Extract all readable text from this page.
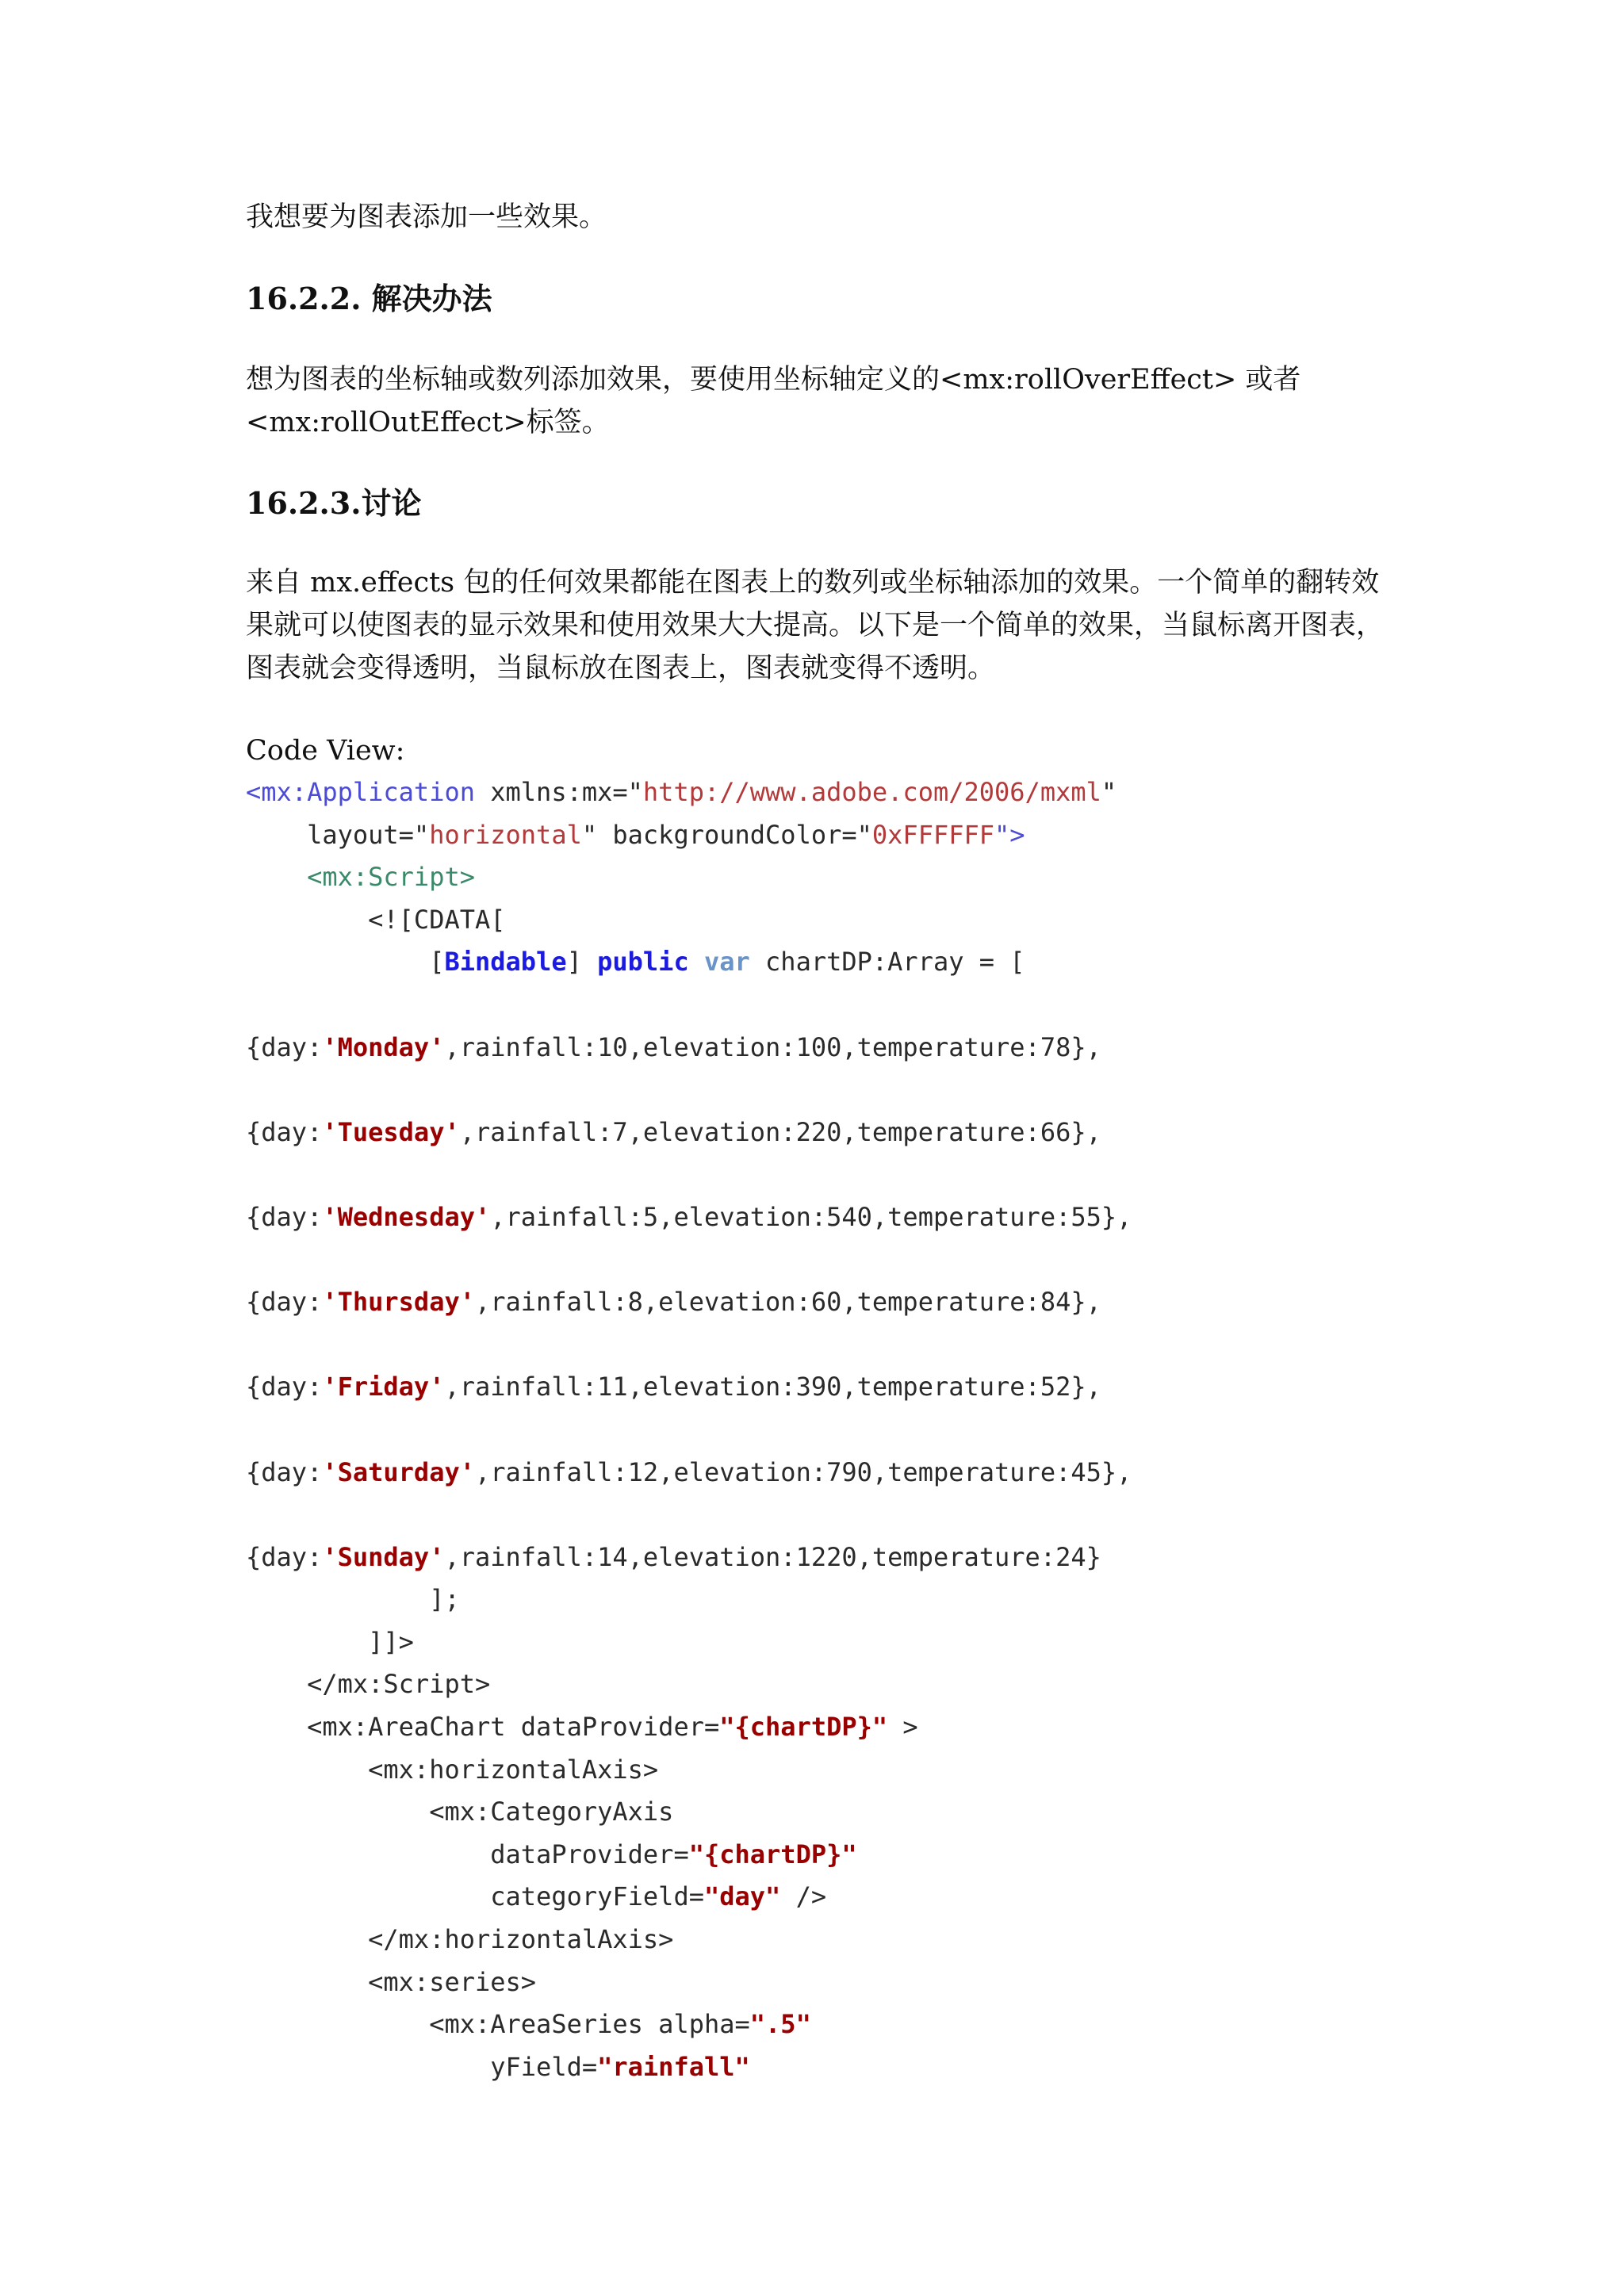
我想要为图表添加一些效果。

16.2.2. 解决办法

想为图表的坐标轴或数列添加效果，要使用坐标轴定义的<mx:rollOverEffect> 或者
<mx:rollOutEffect>标签。

16.2.3.讨论

来自 mx.effects 包的任何效果都能在图表上的数列或坐标轴添加的效果。一个简单的翻转效
果就可以使图表的显示效果和使用效果大大提高。以下是一个简单的效果，当鼠标离开图表，
图表就会变得透明，当鼠标放在图表上，图表就变得不透明。

Code View:

<mx:Application xmlns:mx="http://www.adobe.com/2006/mxml"
layout="horizontal" backgroundColor="0xFFFFFF">
<mx:Script>
<![CDATA[
[Bindable] public var chartDP:Array = [

{day:'Monday',rainfall:10,elevation:100,temperature:78},

{day:'Tuesday',rainfall:7,elevation:220,temperature:66},

{day:'Wednesday',rainfall:5,elevation:540,temperature:55},

{day:'Thursday',rainfall:8,elevation:60,temperature:84},

{day:'Friday',rainfall:11,elevation:390,temperature:52},

{day:'Saturday',rainfall:12,elevation:790,temperature:45},

{day:'Sunday',rainfall:14,elevation:1220,temperature:24}
];
]]>
</mx:Script>
<mx:AreaChart dataProvider="{chartDP}" >
<mx:horizontalAxis>
<mx:CategoryAxis
dataProvider="{chartDP}"
categoryField="day" />
</mx:horizontalAxis>
<mx:series>
<mx:AreaSeries alpha=".5"
yField="rainfall"
